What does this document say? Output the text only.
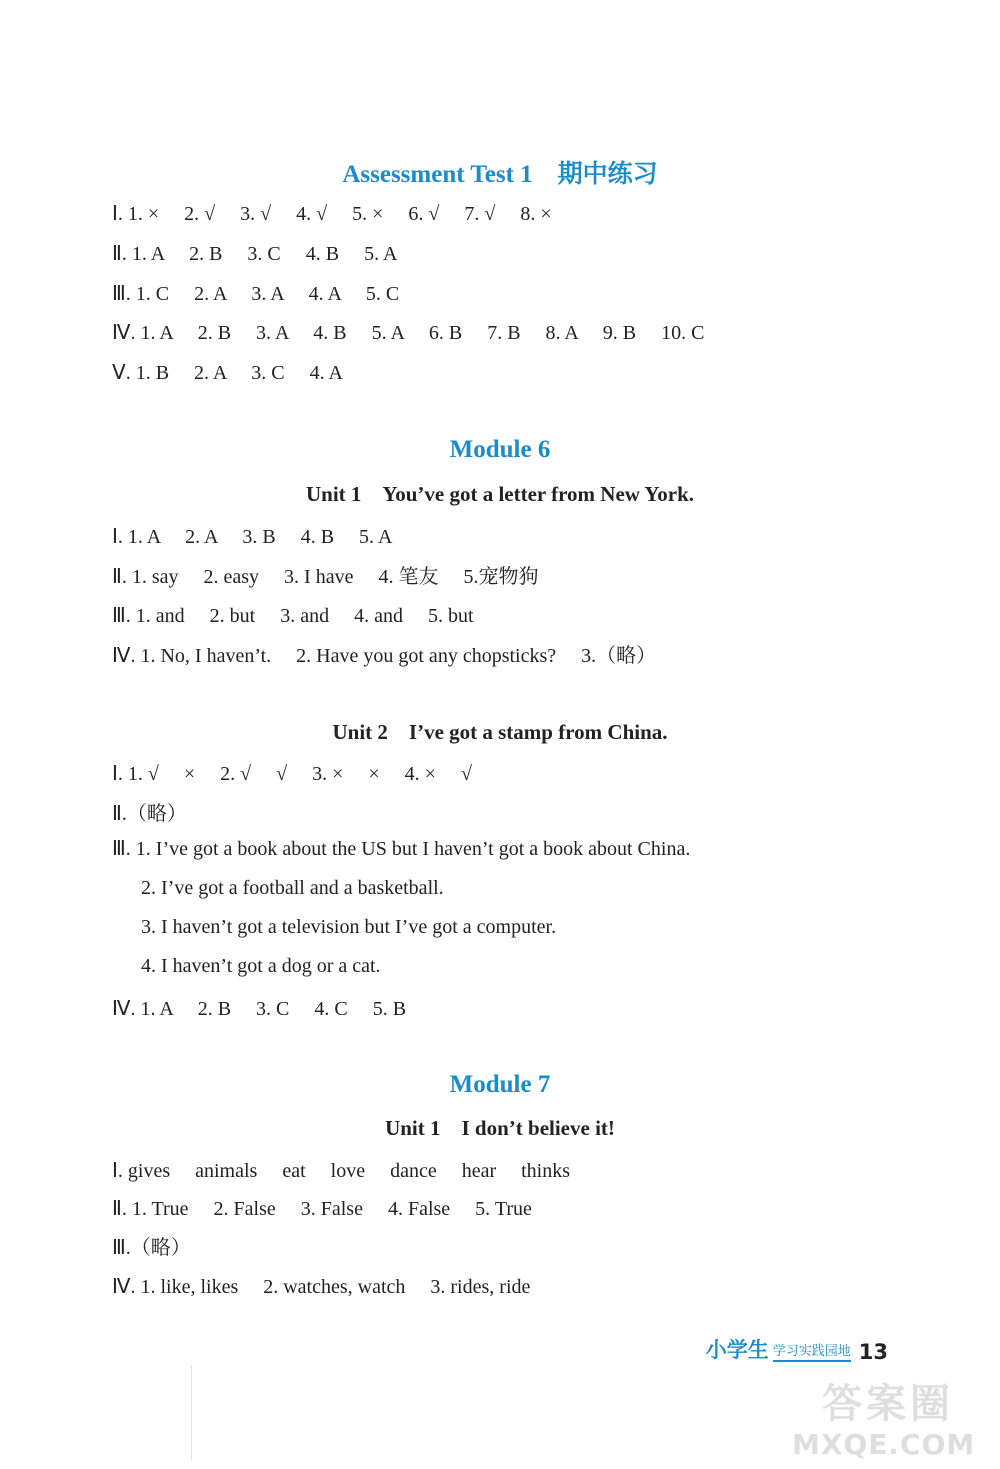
Assessment Test 1　期中练习
Ⅰ. 1. ×　 2. √　 3. √　 4. √　 5. ×　 6. √　 7. √　 8. ×
Ⅱ. 1. A　 2. B　 3. C　 4. B　 5. A
Ⅲ. 1. C　 2. A　 3. A　 4. A　 5. C
Ⅳ. 1. A　 2. B　 3. A　 4. B　 5. A　 6. B　 7. B　 8. A　 9. B　 10. C
Ⅴ. 1. B　 2. A　 3. C　 4. A
Module 6
Unit 1　You’ve got a letter from New York.
Ⅰ. 1. A　 2. A　 3. B　 4. B　 5. A
Ⅱ. 1. say　 2. easy　 3. I have　 4. 笔友　 5.宠物狗
Ⅲ. 1. and　 2. but　 3. and　 4. and　 5. but
Ⅳ. 1. No, I haven’t.　 2. Have you got any chopsticks?　 3.（略）
Unit 2　I’ve got a stamp from China.
Ⅰ. 1. √　 ×　 2. √　 √　 3. ×　 ×　 4. ×　 √
Ⅱ.（略）
Ⅲ. 1. I’ve got a book about the US but I haven’t got a book about China.
2. I’ve got a football and a basketball.
3. I haven’t got a television but I’ve got a computer.
4. I haven’t got a dog or a cat.
Ⅳ. 1. A　 2. B　 3. C　 4. C　 5. B
Module 7
Unit 1　I don’t believe it!
Ⅰ. gives　 animals　 eat　 love　 dance　 hear　 thinks
Ⅱ. 1. True　 2. False　 3. False　 4. False　 5. True
Ⅲ.（略）
Ⅳ. 1. like, likes　 2. watches, watch　 3. rides, ride
小学生 学习实践园地 13
答案圈
MXQE.COM
